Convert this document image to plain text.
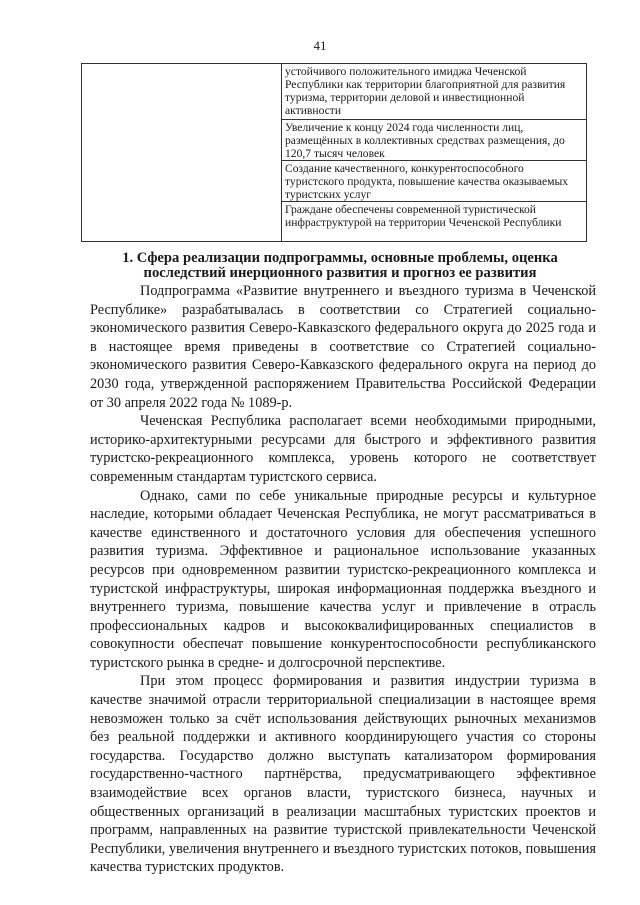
41
	устойчивого положительного имиджа Чеченской Республики как территории благоприятной для развития туризма, территории деловой и инвестиционной активности
Увеличение к концу 2024 года численности лиц, размещённых в коллективных средствах размещения, до 120,7 тысяч человек
Создание качественного, конкурентоспособного туристского продукта, повышение качества оказываемых туристских услуг
Граждане обеспечены современной туристической инфраструктурой на территории Чеченской Республики
1. Сфера реализации подпрограммы, основные проблемы, оценка последствий инерционного развития и прогноз ее развития

Подпрограмма «Развитие внутреннего и въездного туризма в Чеченской Республике» разрабатывалась в соответствии со Стратегией социально-экономического развития Северо-Кавказского федерального округа до 2025 года и в настоящее время приведены в соответствие со Стратегией социально-экономического развития Северо-Кавказского федерального округа на период до 2030 года, утвержденной распоряжением Правительства Российской Федерации от 30 апреля 2022 года № 1089-р.

Чеченская Республика располагает всеми необходимыми природными, историко-архитектурными ресурсами для быстрого и эффективного развития туристско-рекреационного комплекса, уровень которого не соответствует современным стандартам туристского сервиса.

Однако, сами по себе уникальные природные ресурсы и культурное наследие, которыми обладает Чеченская Республика, не могут рассматриваться в качестве единственного и достаточного условия для обеспечения успешного развития туризма. Эффективное и рациональное использование указанных ресурсов при одновременном развитии туристско-рекреационного комплекса и туристской инфраструктуры, широкая информационная поддержка въездного и внутреннего туризма, повышение качества услуг и привлечение в отрасль профессиональных кадров и высококвалифицированных специалистов в совокупности обеспечат повышение конкурентоспособности республиканского туристского рынка в средне- и долгосрочной перспективе.

При этом процесс формирования и развития индустрии туризма в качестве значимой отрасли территориальной специализации в настоящее время невозможен только за счёт использования действующих рыночных механизмов без реальной поддержки и активного координирующего участия со стороны государства. Государство должно выступать катализатором формирования государственно-частного партнёрства, предусматривающего эффективное взаимодействие всех органов власти, туристского бизнеса, научных и общественных организаций в реализации масштабных туристских проектов и программ, направленных на развитие туристской привлекательности Чеченской Республики, увеличения внутреннего и въездного туристских потоков, повышения качества туристских продуктов.
